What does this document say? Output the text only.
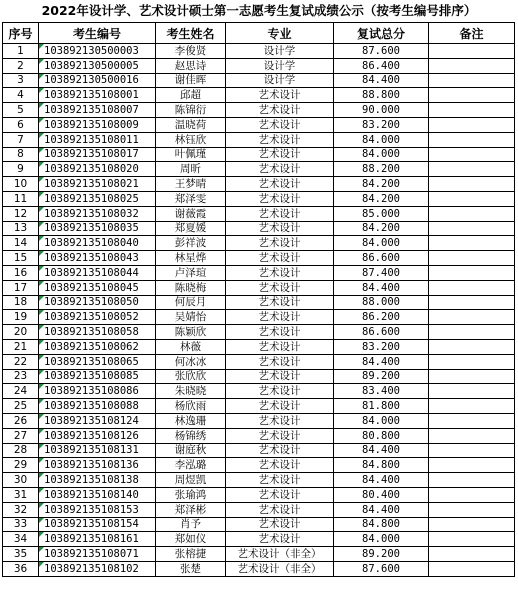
2022年设计学、艺术设计硕士第一志愿考生复试成绩公示（按考生编号排序）
序号	考生编号	考生姓名	专业	复试总分	备注
1	103892130500003	李俊贤	设计学	87.600	
2	103892130500005	赵思诗	设计学	86.400	
3	103892130500016	谢佳晖	设计学	84.400	
4	103892135108001	邱超	艺术设计	88.800	
5	103892135108007	陈锦衍	艺术设计	90.000	
6	103892135108009	温晓荷	艺术设计	83.200	
7	103892135108011	林钰欣	艺术设计	84.000	
8	103892135108017	叶佩瑾	艺术设计	84.000	
9	103892135108020	周昕	艺术设计	88.200	
10	103892135108021	王梦晴	艺术设计	84.200	
11	103892135108025	郑泽雯	艺术设计	84.200	
12	103892135108032	谢薇霞	艺术设计	85.000	
13	103892135108035	郑夏媛	艺术设计	84.200	
14	103892135108040	彭祥波	艺术设计	84.000	
15	103892135108043	林星烨	艺术设计	86.600	
16	103892135108044	卢泽瑄	艺术设计	87.400	
17	103892135108045	陈晓梅	艺术设计	84.400	
18	103892135108050	何辰月	艺术设计	88.000	
19	103892135108052	吴婧怡	艺术设计	86.200	
20	103892135108058	陈颖欣	艺术设计	86.600	
21	103892135108062	林薇	艺术设计	83.200	
22	103892135108065	何冰冰	艺术设计	84.400	
23	103892135108085	张欣欣	艺术设计	89.200	
24	103892135108086	朱晓晓	艺术设计	83.400	
25	103892135108088	杨欣雨	艺术设计	81.800	
26	103892135108124	林逸珊	艺术设计	84.000	
27	103892135108126	杨锦绣	艺术设计	80.800	
28	103892135108131	谢庭秋	艺术设计	84.400	
29	103892135108136	李泓璐	艺术设计	84.800	
30	103892135108138	周煜凯	艺术设计	84.400	
31	103892135108140	张瑜鸿	艺术设计	80.400	
32	103892135108153	郑泽彬	艺术设计	84.400	
33	103892135108154	肖予	艺术设计	84.800	
34	103892135108161	郑如仪	艺术设计	84.000	
35	103892135108071	张榕捷	艺术设计（非全）	89.200	
36	103892135108102	张楚	艺术设计（非全）	87.600	
